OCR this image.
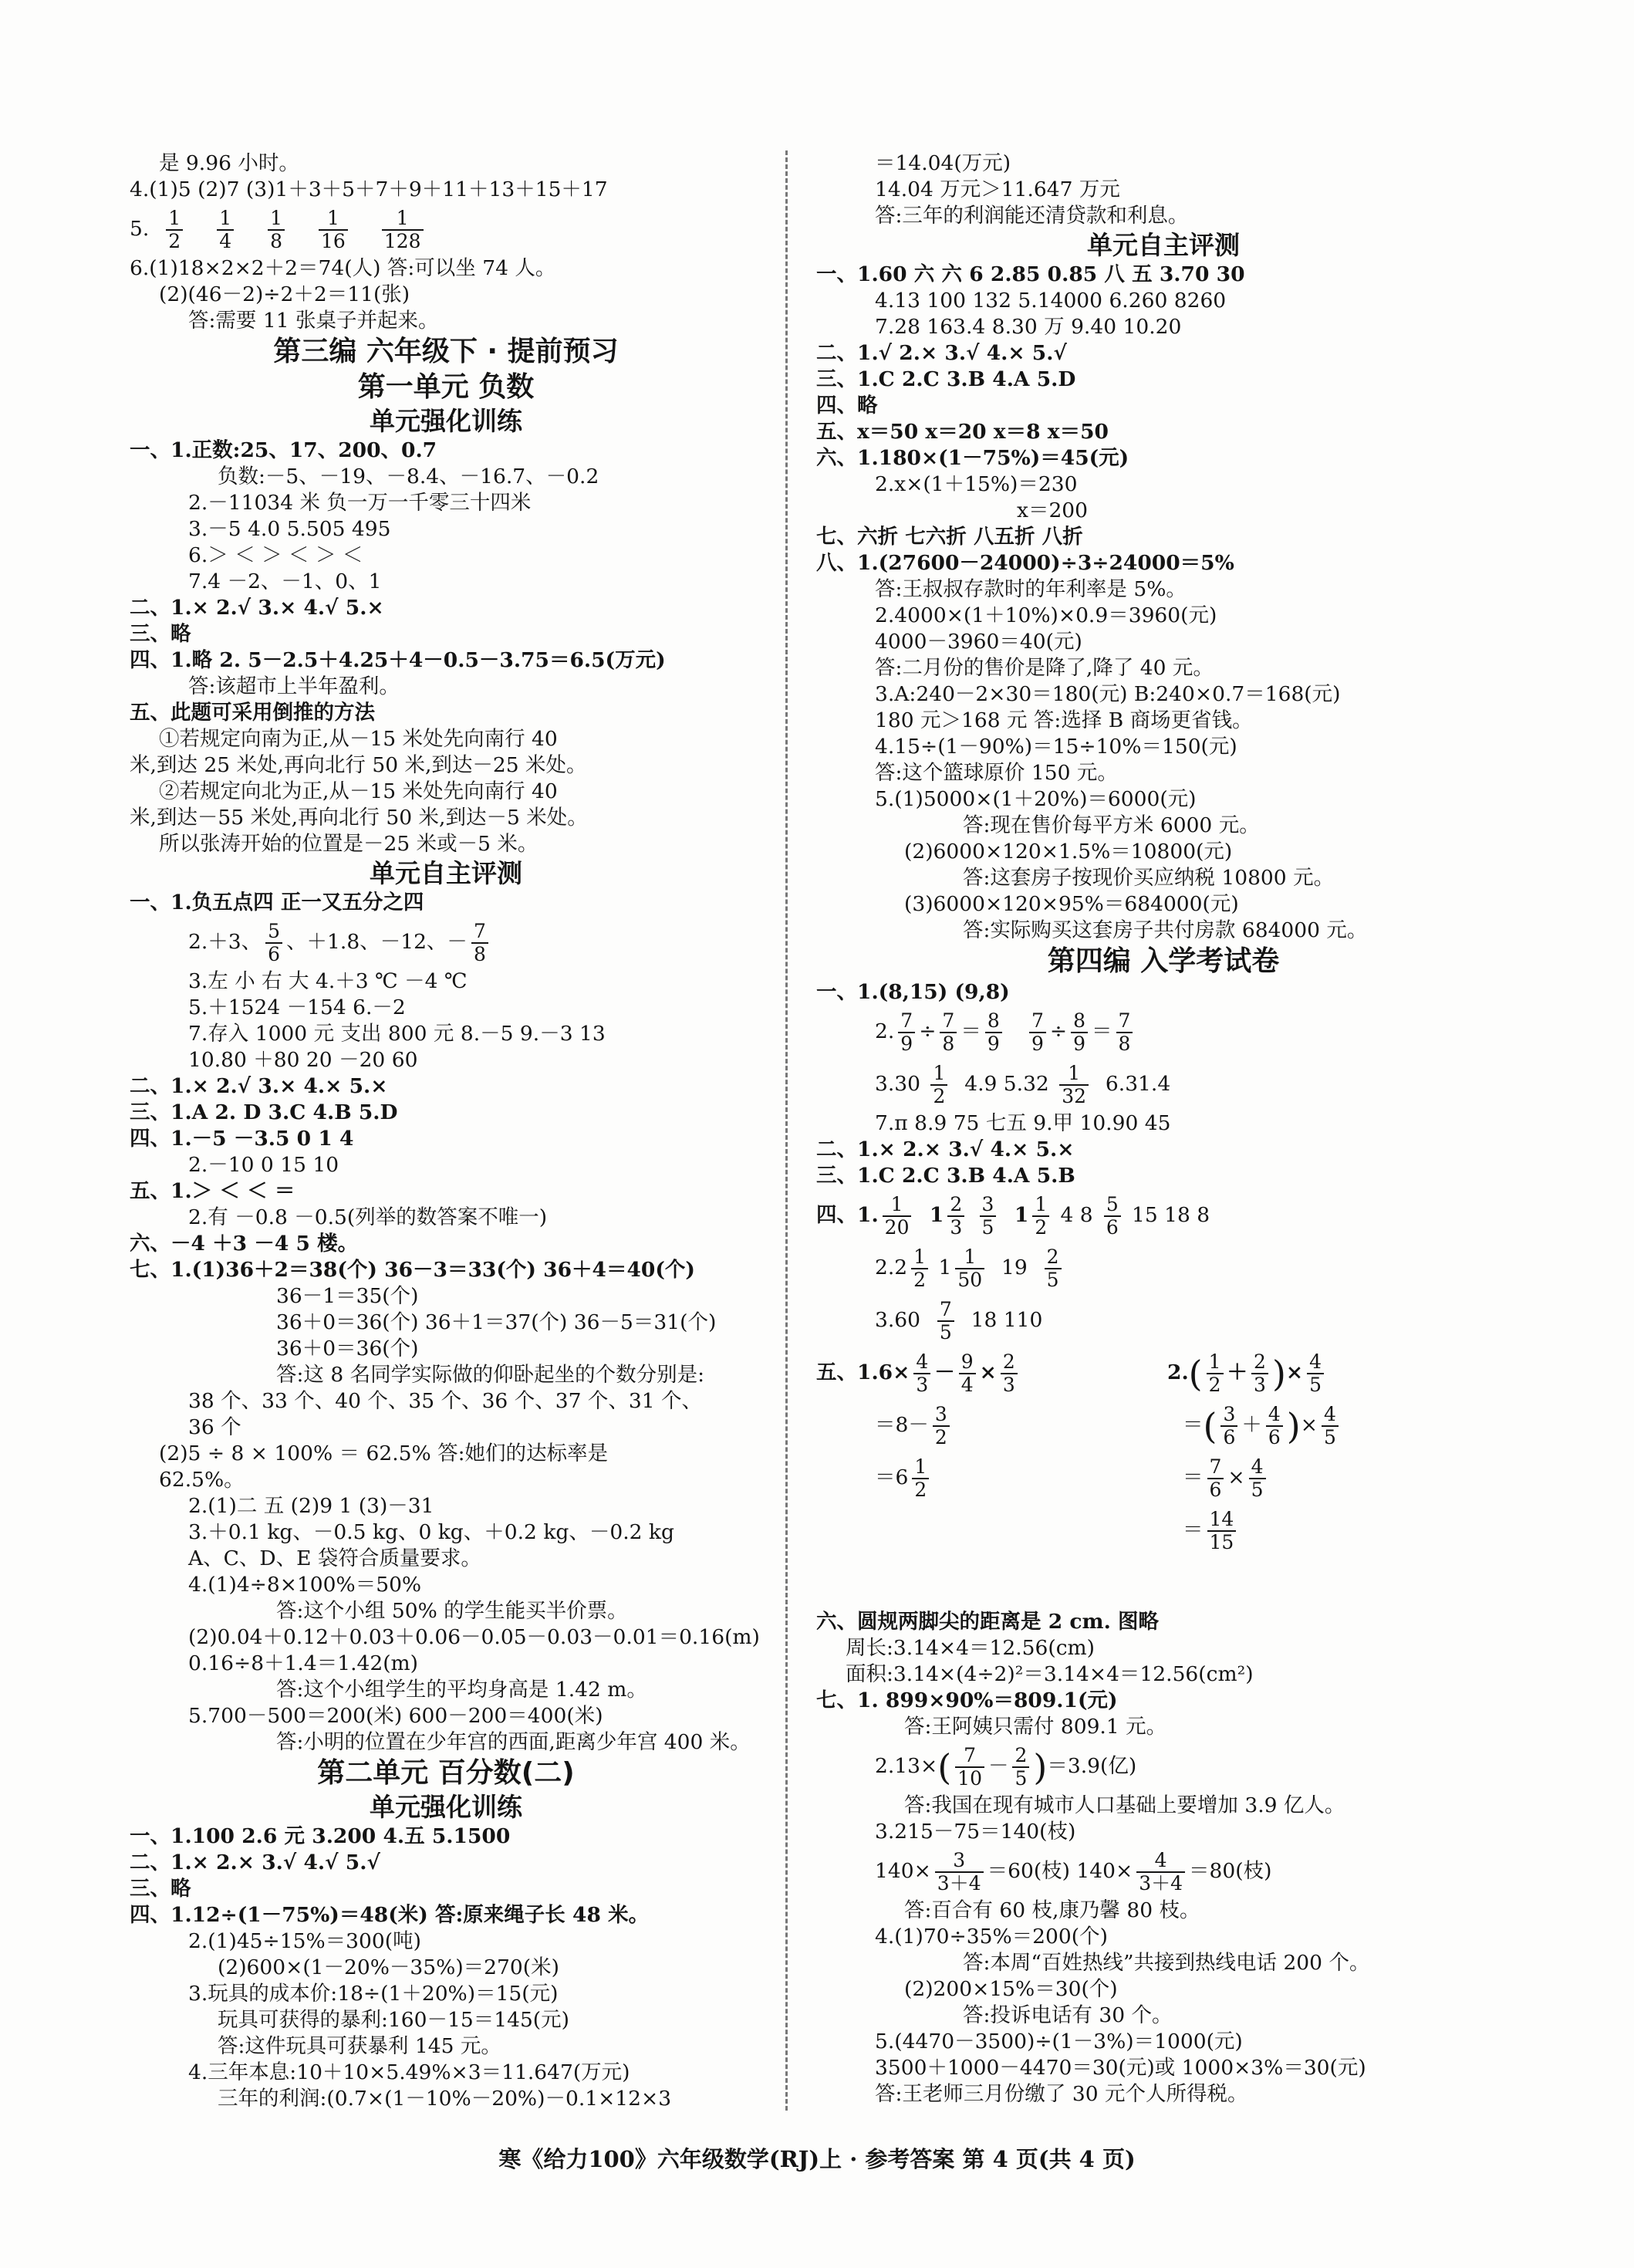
是 9.96 小时。
4.(1)5 (2)7 (3)1＋3＋5＋7＋9＋11＋13＋15＋17
5. $\frac{1}{2} \frac{1}{4} \frac{1}{8} \frac{1}{16} \frac{1}{128}$
6.(1)18×2×2＋2＝74(人) 答:可以坐 74 人。
(2)(46－2)÷2＋2＝11(张)
答:需要 11 张桌子并起来。
第三编 六年级下 · 提前预习
第一单元 负数
单元强化训练
一、1.正数:25、17、200、0.7
负数:－5、－19、－8.4、－16.7、－0.2
2.－11034 米 负一万一千零三十四米
3.－5 4.0 5.505 495
6.＞ ＜ ＞ ＜ ＞ ＜
7.4 －2、－1、0、1
二、1.× 2.√ 3.× 4.√ 5.×
三、略
四、1.略 2. 5－2.5＋4.25＋4－0.5－3.75＝6.5(万元)
答:该超市上半年盈利。
五、此题可采用倒推的方法
①若规定向南为正,从－15 米处先向南行 40
米,到达 25 米处,再向北行 50 米,到达－25 米处。
②若规定向北为正,从－15 米处先向南行 40
米,到达－55 米处,再向北行 50 米,到达－5 米处。
所以张涛开始的位置是－25 米或－5 米。
单元自主评测
一、1.负五点四 正一又五分之四
2.＋3、 $\frac{5}{6}$ 、＋1.8、－12、－ $\frac{7}{8}$
3.左 小 右 大 4.＋3 ℃ －4 ℃
5.＋1524 －154 6.－2
7.存入 1000 元 支出 800 元 8.－5 9.－3 13
10.80 ＋80 20 －20 60
二、1.× 2.√ 3.× 4.× 5.×
三、1.A 2. D 3.C 4.B 5.D
四、1.－5 －3.5 0 1 4
2.－10 0 15 10
五、1.＞ ＜ ＜ ＝
2.有 －0.8 －0.5(列举的数答案不唯一)
六、－4 ＋3 －4 5 楼。
七、1.(1)36＋2＝38(个) 36－3＝33(个) 36＋4＝40(个)
36－1＝35(个)
36＋0＝36(个) 36＋1＝37(个) 36－5＝31(个)
36＋0＝36(个)
答:这 8 名同学实际做的仰卧起坐的个数分别是:
38 个、33 个、40 个、35 个、36 个、37 个、31 个、
36 个
(2)5 ÷ 8 × 100% ＝ 62.5% 答:她们的达标率是
62.5%。
2.(1)二 五 (2)9 1 (3)－31
3.＋0.1 kg、－0.5 kg、0 kg、＋0.2 kg、－0.2 kg
A、C、D、E 袋符合质量要求。
4.(1)4÷8×100%＝50%
答:这个小组 50% 的学生能买半价票。
(2)0.04＋0.12＋0.03＋0.06－0.05－0.03－0.01＝0.16(m)
0.16÷8＋1.4＝1.42(m)
答:这个小组学生的平均身高是 1.42 m。
5.700－500＝200(米) 600－200＝400(米)
答:小明的位置在少年宫的西面,距离少年宫 400 米。
第二单元 百分数(二)
单元强化训练
一、1.100 2.6 元 3.200 4.五 5.1500
二、1.× 2.× 3.√ 4.√ 5.√
三、略
四、1.12÷(1－75%)＝48(米) 答:原来绳子长 48 米。
2.(1)45÷15%＝300(吨)
(2)600×(1－20%－35%)＝270(米)
3.玩具的成本价:18÷(1＋20%)＝15(元)
玩具可获得的暴利:160－15＝145(元)
答:这件玩具可获暴利 145 元。
4.三年本息:10＋10×5.49%×3＝11.647(万元)
三年的利润:(0.7×(1－10%－20%)－0.1×12×3
＝14.04(万元)
14.04 万元＞11.647 万元
答:三年的利润能还清贷款和利息。
单元自主评测
一、1.60 六 六 6 2.85 0.85 八 五 3.70 30
4.13 100 132 5.14000 6.260 8260
7.28 163.4 8.30 万 9.40 10.20
二、1.√ 2.× 3.√ 4.× 5.√
三、1.C 2.C 3.B 4.A 5.D
四、略
五、x＝50 x＝20 x＝8 x＝50
六、1.180×(1－75%)＝45(元)
2.x×(1＋15%)＝230
x＝200
七、六折 七六折 八五折 八折
八、1.(27600－24000)÷3÷24000＝5%
答:王叔叔存款时的年利率是 5%。
2.4000×(1＋10%)×0.9＝3960(元)
4000－3960＝40(元)
答:二月份的售价是降了,降了 40 元。
3.A:240－2×30＝180(元) B:240×0.7＝168(元)
180 元＞168 元 答:选择 B 商场更省钱。
4.15÷(1－90%)＝15÷10%＝150(元)
答:这个篮球原价 150 元。
5.(1)5000×(1＋20%)＝6000(元)
答:现在售价每平方米 6000 元。
(2)6000×120×1.5%＝10800(元)
答:这套房子按现价买应纳税 10800 元。
(3)6000×120×95%＝684000(元)
答:实际购买这套房子共付房款 684000 元。
第四编 入学考试卷
一、1.(8,15) (9,8)
2. $\frac{7}{9} \div \frac{7}{8} = \frac{8}{9}$
$\frac{7}{9} \div \frac{8}{9} = \frac{7}{8}$
$3.30 \frac{1}{2} 4.9$ $5.32 \frac{1}{32} 6.31.4$
7.π 8.9 75 七五 9.甲 10.90 45
二、1.× 2.× 3.√ 4.× 5.×
三、1.C 2.C 3.B 4.A 5.B
四、1. $\frac{1}{20} 1 \frac{2}{3}$
$\frac{3}{5} 1 \frac{1}{2} 4$ $8 \frac{5}{6} 15$ 18 8
$2.2 \frac{1}{2} 1 \frac{1}{50} 19 \frac{2}{5}$
$3.60 \frac{7}{5} 18$ 110
五、$1.6\times \frac{4}{3} - \frac{9}{4} \times \frac{2}{3}$
$=8- \frac{3}{2}$
$=6 \frac{1}{2}$
$2.( \frac{1}{2} + \frac{2}{3}$ )× $\frac{4}{5}$
＝( $\frac{3}{6} + \frac{4}{6}$ )× $\frac{4}{5}$
＝ $\frac{7}{6} \times \frac{4}{5}$
＝ $\frac{14}{15}$
六、圆规两脚尖的距离是 2 cm. 图略
周长:3.14×4＝12.56(cm)
面积:3.14×(4÷2)²＝3.14×4＝12.56(cm²)
七、1. 899×90%＝809.1(元)
答:王阿姨只需付 809.1 元。
$2.13\times( \frac{7}{10} - \frac{2}{5} )=3.9$(亿)
答:我国在现有城市人口基础上要增加 3.9 亿人。
3.215－75＝140(枝)
$140\times \frac{3}{3+4} =60$(枝) $140\times \frac{4}{3+4} =80$(枝)
答:百合有 60 枝,康乃馨 80 枝。
4.(1)70÷35%＝200(个)
答:本周“百姓热线”共接到热线电话 200 个。
(2)200×15%＝30(个)
答:投诉电话有 30 个。
5.(4470－3500)÷(1－3%)＝1000(元)
3500＋1000－4470＝30(元)或 1000×3%＝30(元)
答:王老师三月份缴了 30 元个人所得税。
寒《给力100》六年级数学(RJ)上 · 参考答案 第 4 页(共 4 页)
